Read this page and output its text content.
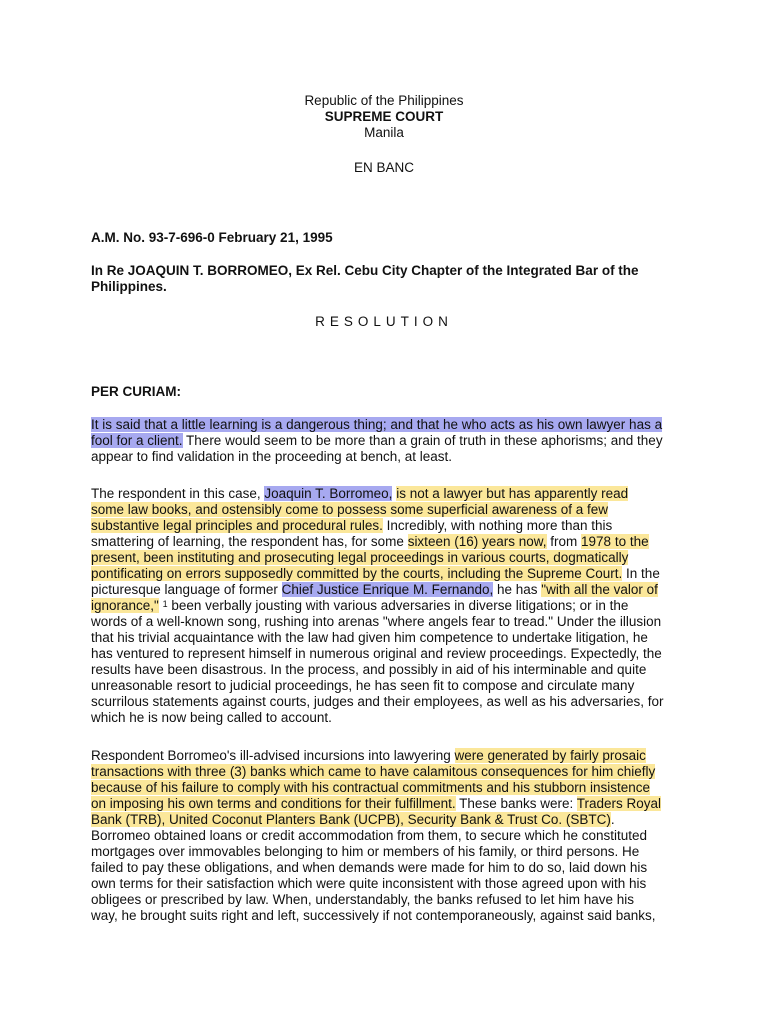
Republic of the Philippines
SUPREME COURT
Manila
EN BANC
A.M. No. 93-7-696-0 February 21, 1995
In Re JOAQUIN T. BORROMEO, Ex Rel. Cebu City Chapter of the Integrated Bar of the
Philippines.
RESOLUTION
PER CURIAM:
It is said that a little learning is a dangerous thing; and that he who acts as his own lawyer has a
fool for a client. There would seem to be more than a grain of truth in these aphorisms; and they
appear to find validation in the proceeding at bench, at least.
The respondent in this case, Joaquin T. Borromeo, is not a lawyer but has apparently read
some law books, and ostensibly come to possess some superficial awareness of a few
substantive legal principles and procedural rules. Incredibly, with nothing more than this
smattering of learning, the respondent has, for some sixteen (16) years now, from 1978 to the
present, been instituting and prosecuting legal proceedings in various courts, dogmatically
pontificating on errors supposedly committed by the courts, including the Supreme Court. In the
picturesque language of former Chief Justice Enrique M. Fernando, he has "with all the valor of
ignorance," $^1$ been verbally jousting with various adversaries in diverse litigations; or in the
words of a well-known song, rushing into arenas "where angels fear to tread." Under the illusion
that his trivial acquaintance with the law had given him competence to undertake litigation, he
has ventured to represent himself in numerous original and review proceedings. Expectedly, the
results have been disastrous. In the process, and possibly in aid of his interminable and quite
unreasonable resort to judicial proceedings, he has seen fit to compose and circulate many
scurrilous statements against courts, judges and their employees, as well as his adversaries, for
which he is now being called to account.
Respondent Borromeo's ill-advised incursions into lawyering were generated by fairly prosaic
transactions with three (3) banks which came to have calamitous consequences for him chiefly
because of his failure to comply with his contractual commitments and his stubborn insistence
on imposing his own terms and conditions for their fulfillment. These banks were: Traders Royal
Bank (TRB), United Coconut Planters Bank (UCPB), Security Bank & Trust Co. (SBTC).
Borromeo obtained loans or credit accommodation from them, to secure which he constituted
mortgages over immovables belonging to him or members of his family, or third persons. He
failed to pay these obligations, and when demands were made for him to do so, laid down his
own terms for their satisfaction which were quite inconsistent with those agreed upon with his
obligees or prescribed by law. When, understandably, the banks refused to let him have his
way, he brought suits right and left, successively if not contemporaneously, against said banks,
